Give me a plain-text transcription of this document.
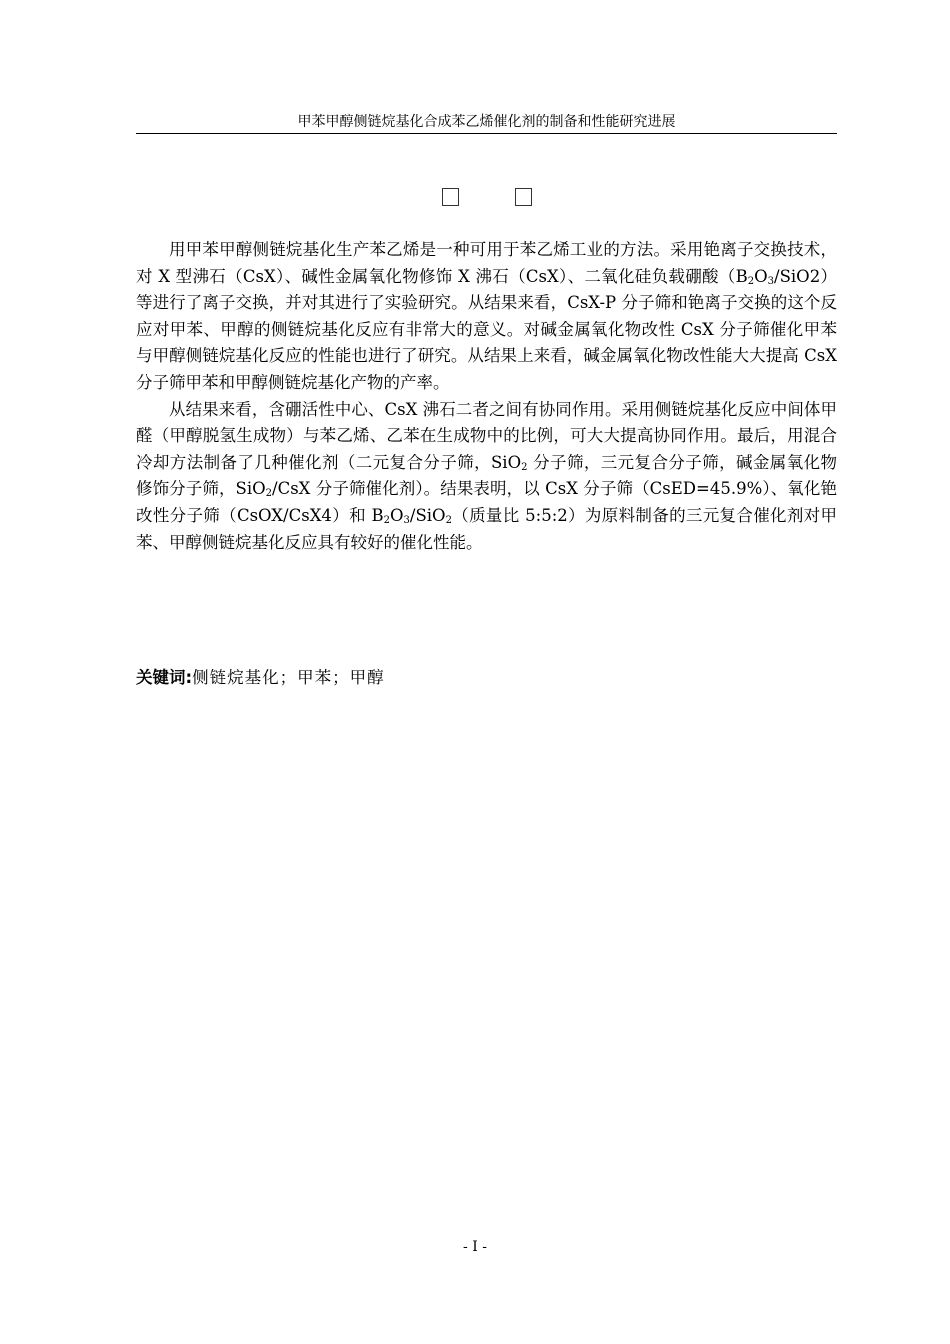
甲苯甲醇侧链烷基化合成苯乙烯催化剂的制备和性能研究进展

用甲苯甲醇侧链烷基化生产苯乙烯是一种可用于苯乙烯工业的方法。采用铯离子交换技术，对 X 型沸石（CsX）、碱性金属氧化物修饰 X 沸石（CsX）、二氧化硅负载硼酸$(B_2O_3/SiO2)$等进行了离子交换，并对其进行了实验研究。从结果来看，CsX-P 分子筛和铯离子交换的这个反应对甲苯、甲醇的侧链烷基化反应有非常大的意义。对碱金属氧化物改性 CsX 分子筛催化甲苯与甲醇侧链烷基化反应的性能也进行了研究。从结果上来看，碱金属氧化物改性能大大提高 CsX 分子筛甲苯和甲醇侧链烷基化产物的产率。

从结果来看，含硼活性中心、CsX 沸石二者之间有协同作用。采用侧链烷基化反应中间体甲醛（甲醇脱氢生成物）与苯乙烯、乙苯在生成物中的比例，可大大提高协同作用。最后，用混合冷却方法制备了几种催化剂（二元复合分子筛，SiO$_2$ 分子筛，三元复合分子筛，碱金属氧化物修饰分子筛，SiO$_2$/CsX 分子筛催化剂）。结果表明，以 CsX 分子筛（CsED=45.9%）、氧化铯改性分子筛（CsOX/CsX4）和 $B_2O_3/SiO_2$（质量比 5:5:2）为原料制备的三元复合催化剂对甲苯、甲醇侧链烷基化反应具有较好的催化性能。

关键词:侧链烷基化；甲苯；甲醇
- I -
